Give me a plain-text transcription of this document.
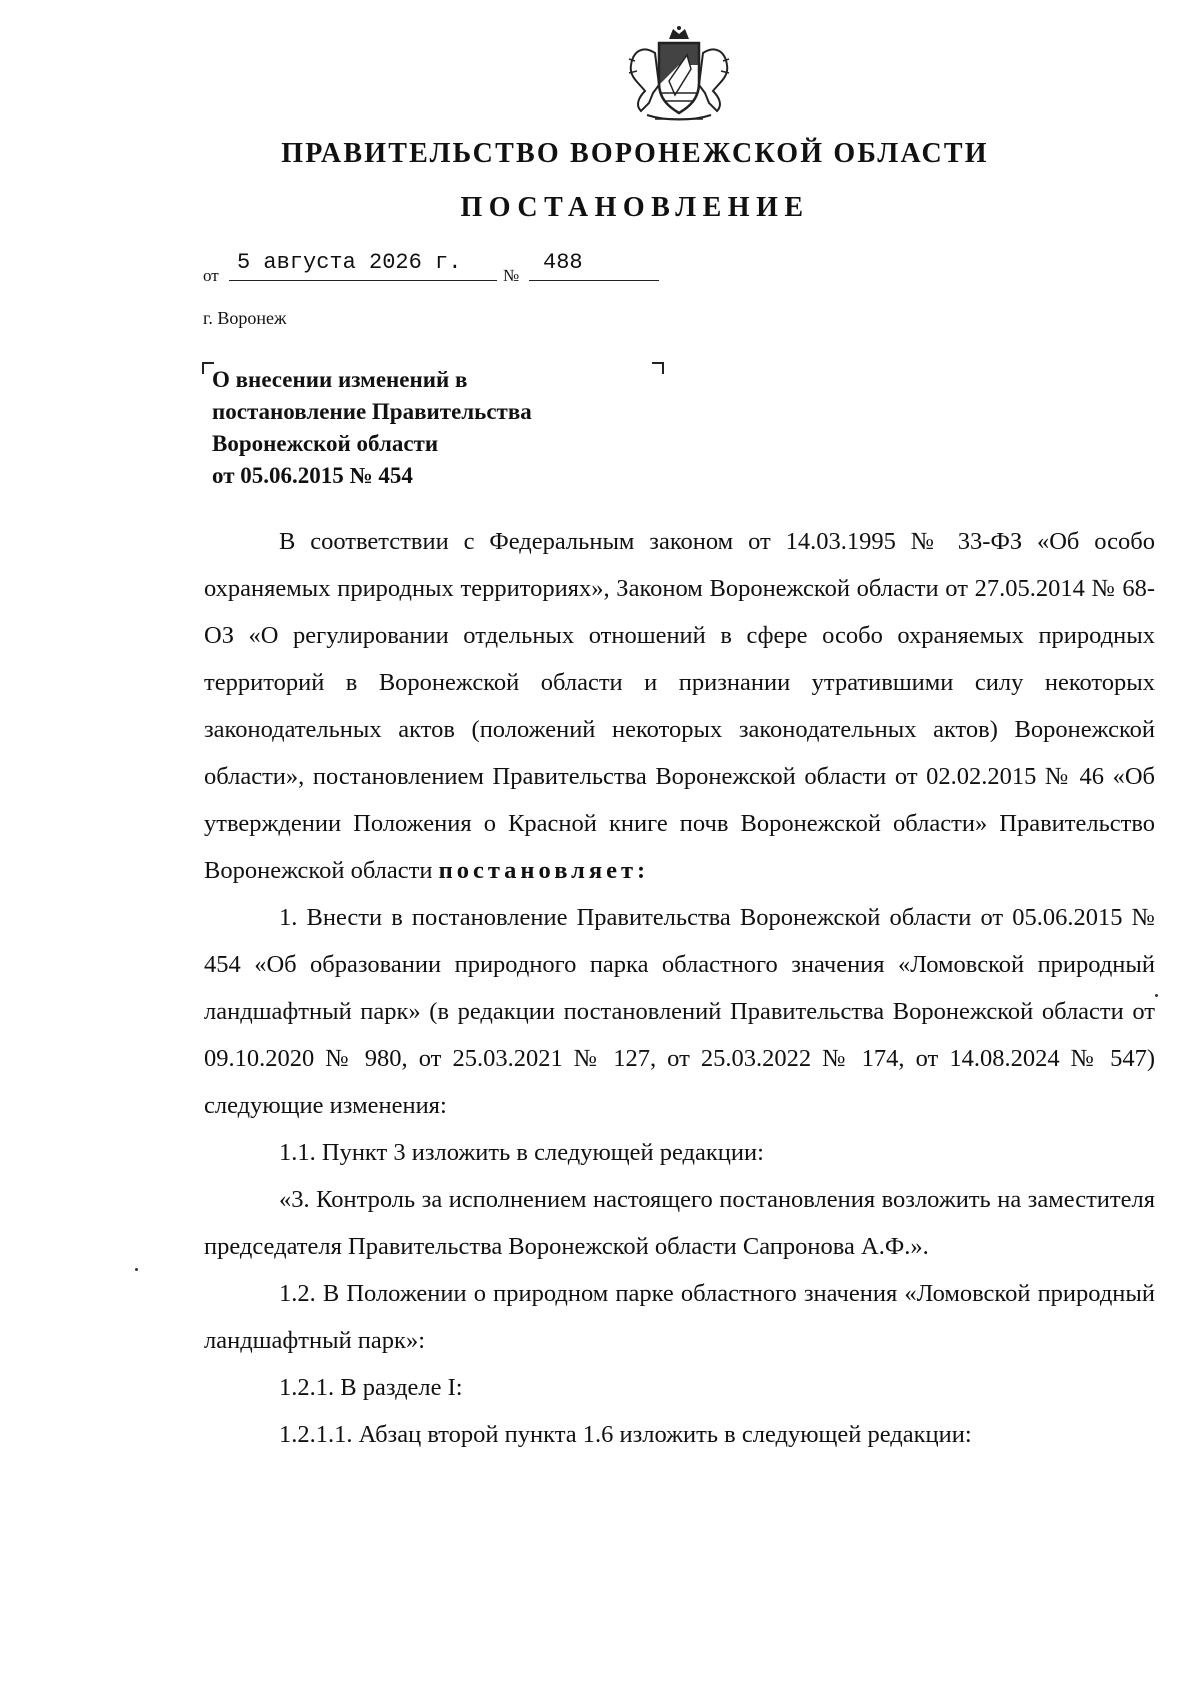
ПРАВИТЕЛЬСТВО ВОРОНЕЖСКОЙ ОБЛАСТИ
ПОСТАНОВЛЕНИЕ
от
5 августа 2026 г.
№
488
г. Воронеж
О внесении изменений в
постановление Правительства
Воронежской области
от 05.06.2015 № 454

В соответствии с Федеральным законом от 14.03.1995 № 33-ФЗ «Об особо охраняемых природных территориях», Законом Воронежской области от 27.05.2014 № 68-ОЗ «О регулировании отдельных отношений в сфере особо охраняемых природных территорий в Воронежской области и признании утратившими силу некоторых законодательных актов (положений некоторых законодательных актов) Воронежской области», постановлением Правительства Воронежской области от 02.02.2015 № 46 «Об утверждении Положения о Красной книге почв Воронежской области» Правительство Воронежской области постановляет:

1. Внести в постановление Правительства Воронежской области от 05.06.2015 № 454 «Об образовании природного парка областного значения «Ломовской природный ландшафтный парк» (в редакции постановлений Правительства Воронежской области от 09.10.2020 № 980, от 25.03.2021 № 127, от 25.03.2022 № 174, от 14.08.2024 № 547) следующие изменения:

1.1. Пункт 3 изложить в следующей редакции:

«3. Контроль за исполнением настоящего постановления возложить на заместителя председателя Правительства Воронежской области Сапронова А.Ф.».

1.2. В Положении о природном парке областного значения «Ломовской природный ландшафтный парк»:

1.2.1. В разделе I:

1.2.1.1. Абзац второй пункта 1.6 изложить в следующей редакции:
